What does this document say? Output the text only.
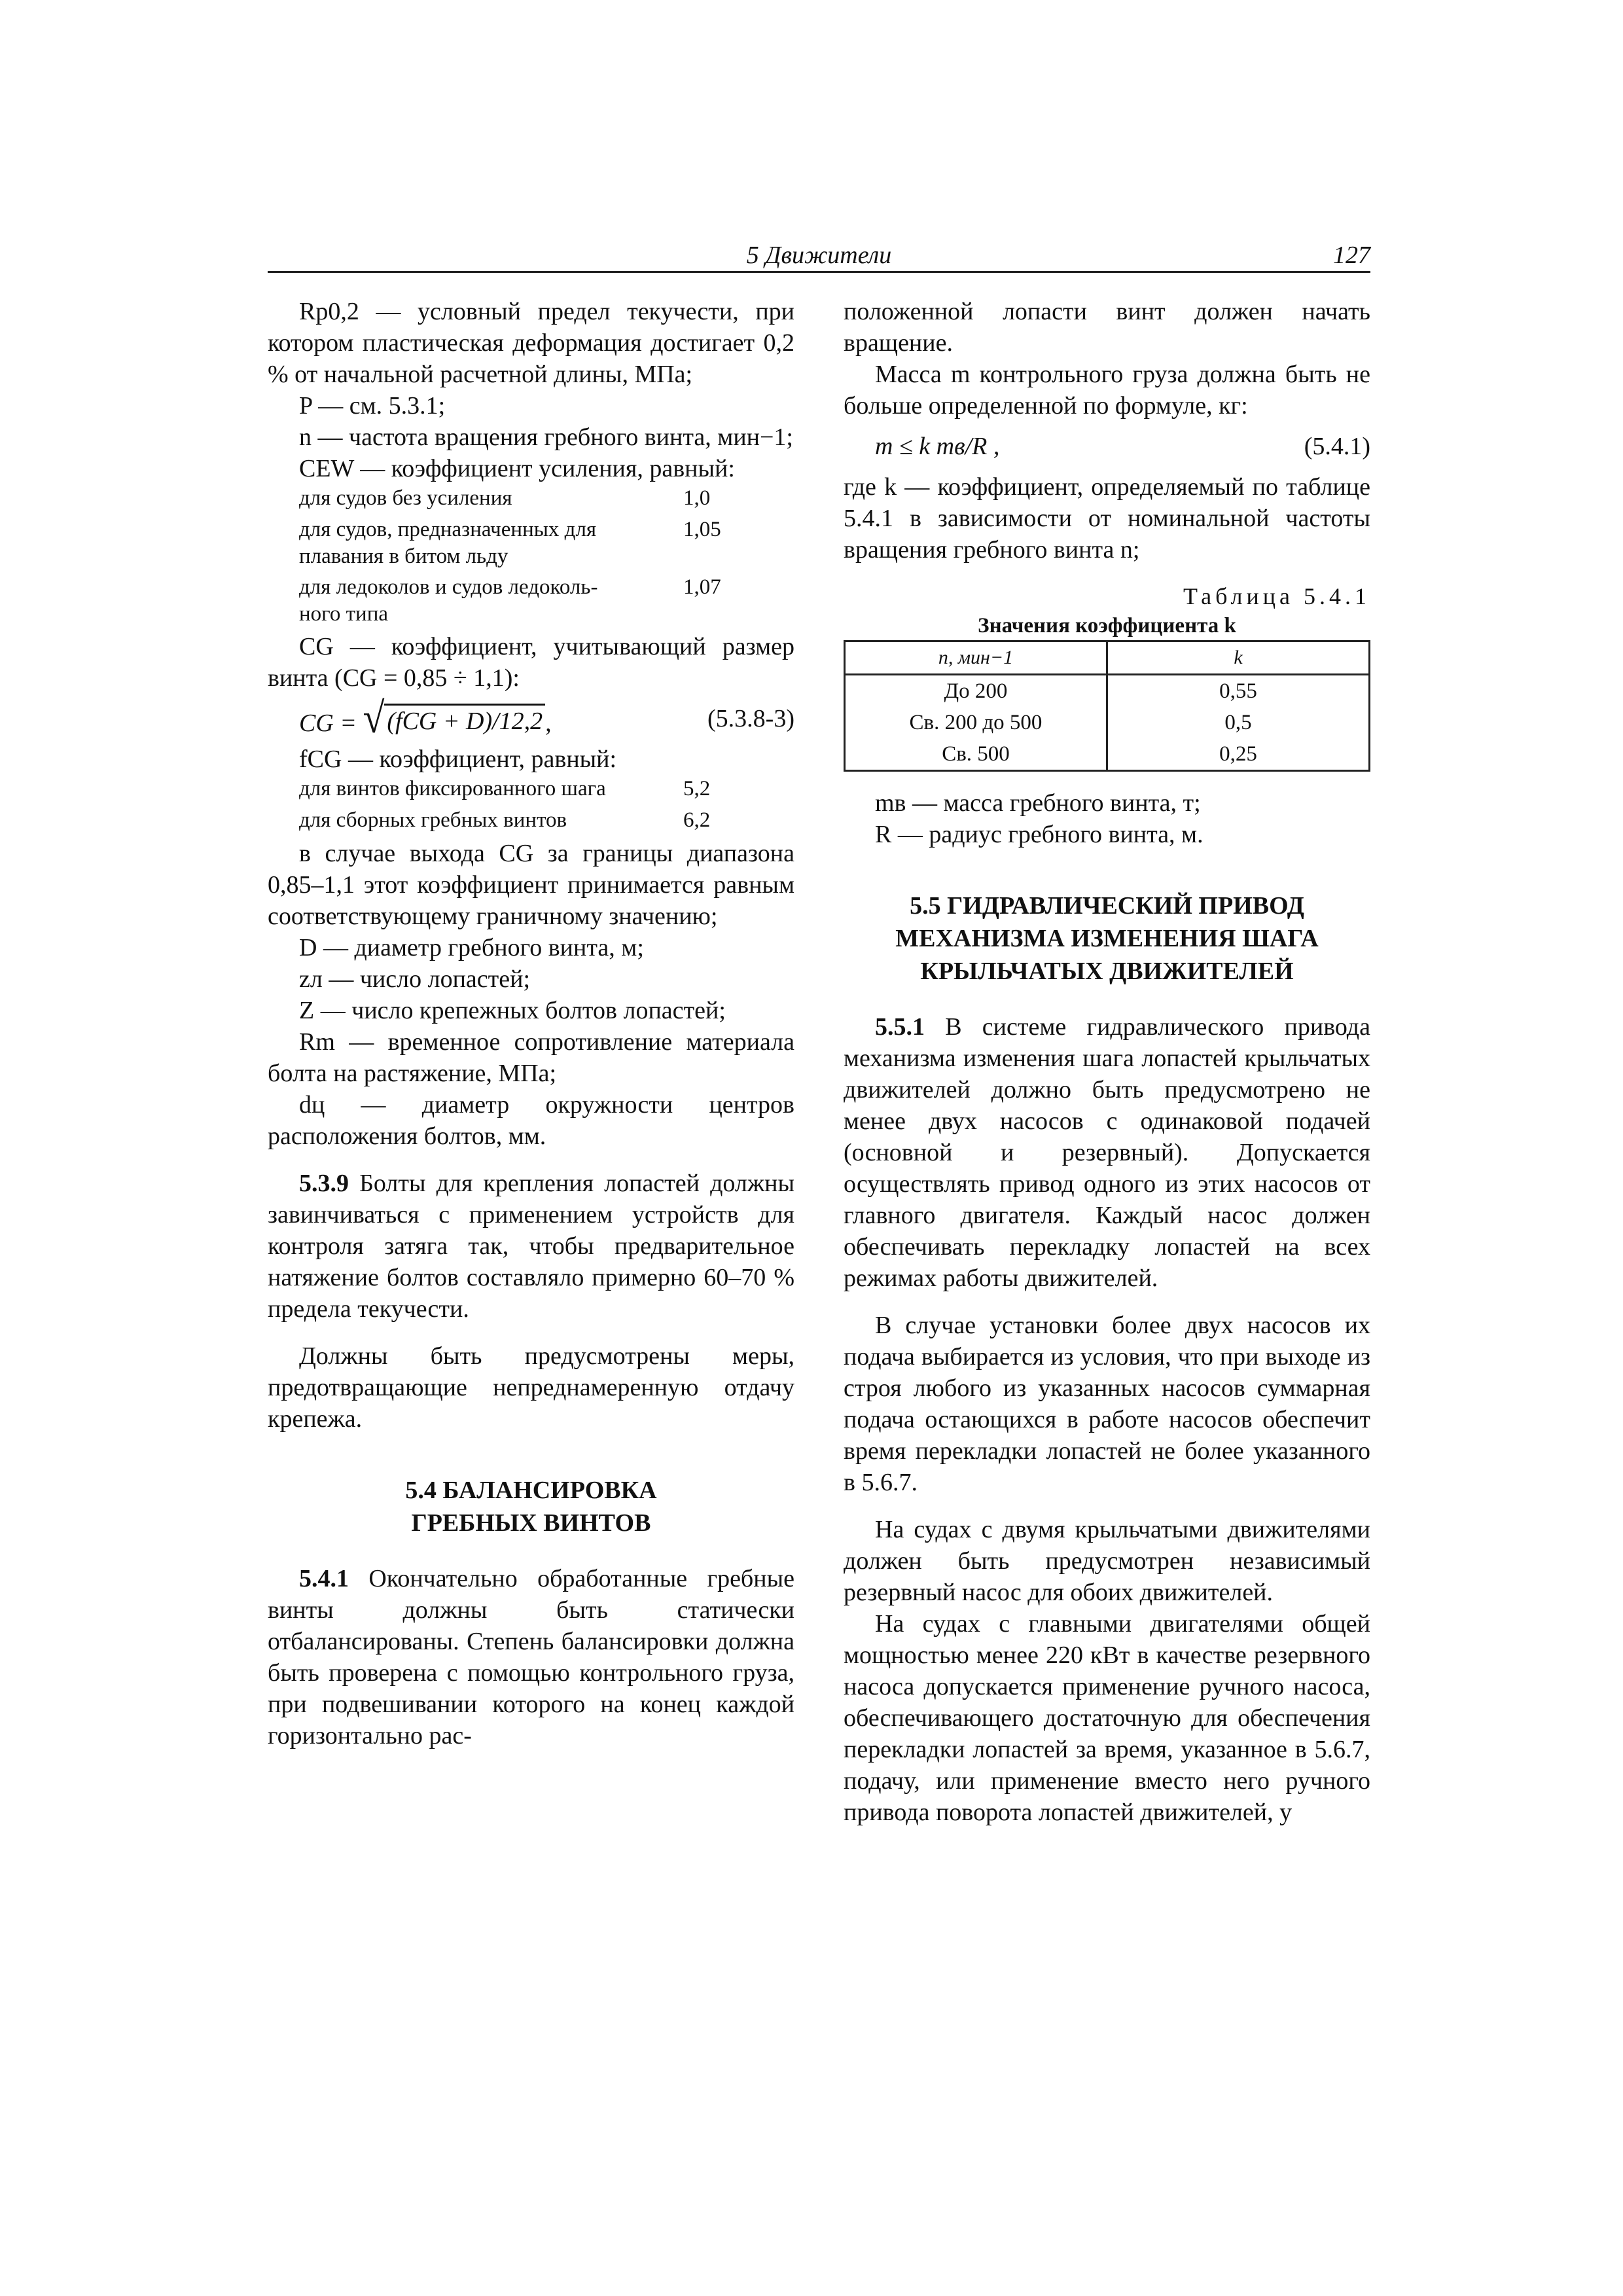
5 Движители	127

Rp0,2 — условный предел текучести, при котором пластическая деформация достигает 0,2 % от начальной расчетной длины, МПа;

P — см. 5.3.1;

n — частота вращения гребного винта, мин−1;

CEW — коэффициент усиления, равный:

для судов без усиления	1,0
для судов, предназначенных для	1,05
плавания в битом льду
для ледоколов и судов ледоколь-	1,07
ного типа

CG — коэффициент, учитывающий размер винта (CG = 0,85 ÷ 1,1):

CG = √ (fCG + D)/12,2 ,	(5.3.8-3)

fCG — коэффициент, равный:

для винтов фиксированного шага	5,2
для сборных гребных винтов	6,2

в случае выхода CG за границы диапазона 0,85–1,1 этот коэффициент принимается равным соответствующему граничному значению;

D — диаметр гребного винта, м;

zл — число лопастей;

Z — число крепежных болтов лопастей;

Rm — временное сопротивление материала болта на растяжение, МПа;

dц — диаметр окружности центров расположения болтов, мм.

5.3.9 Болты для крепления лопастей должны завинчиваться с применением устройств для контроля затяга так, чтобы предварительное натяжение болтов составляло примерно 60–70 % предела текучести.

Должны быть предусмотрены меры, предотвращающие непреднамеренную отдачу крепежа.

5.4 БАЛАНСИРОВКА

ГРЕБНЫХ ВИНТОВ

5.4.1 Окончательно обработанные гребные винты должны быть статически отбалансированы. Степень балансировки должна быть проверена с помощью контрольного груза, при подвешивании которого на конец каждой горизонтально рас-

положенной лопасти винт должен начать вращение.

Масса m контрольного груза должна быть не больше определенной по формуле, кг:

m ≤ k mв/R ,	(5.4.1)

где k — коэффициент, определяемый по таблице 5.4.1 в зависимости от номинальной частоты вращения гребного винта n;

Таблица 5.4.1
Значения коэффициента k
n, мин−1	k
До 200	0,55
Св. 200 до 500	0,5
Св. 500	0,25

mв — масса гребного винта, т;

R — радиус гребного винта, м.

5.5 ГИДРАВЛИЧЕСКИЙ ПРИВОД

МЕХАНИЗМА ИЗМЕНЕНИЯ ШАГА

КРЫЛЬЧАТЫХ ДВИЖИТЕЛЕЙ

5.5.1 В системе гидравлического привода механизма изменения шага лопастей крыльчатых движителей должно быть предусмотрено не менее двух насосов с одинаковой подачей (основной и резервный). Допускается осуществлять привод одного из этих насосов от главного двигателя. Каждый насос должен обеспечивать перекладку лопастей на всех режимах работы движителей.

В случае установки более двух насосов их подача выбирается из условия, что при выходе из строя любого из указанных насосов суммарная подача остающихся в работе насосов обеспечит время перекладки лопастей не более указанного в 5.6.7.

На судах с двумя крыльчатыми движителями должен быть предусмотрен независимый резервный насос для обоих движителей.

На судах с главными двигателями общей мощностью менее 220 кВт в качестве резервного насоса допускается применение ручного насоса, обеспечивающего достаточную для обеспечения перекладки лопастей за время, указанное в 5.6.7, подачу, или применение вместо него ручного привода поворота лопастей движителей, у
